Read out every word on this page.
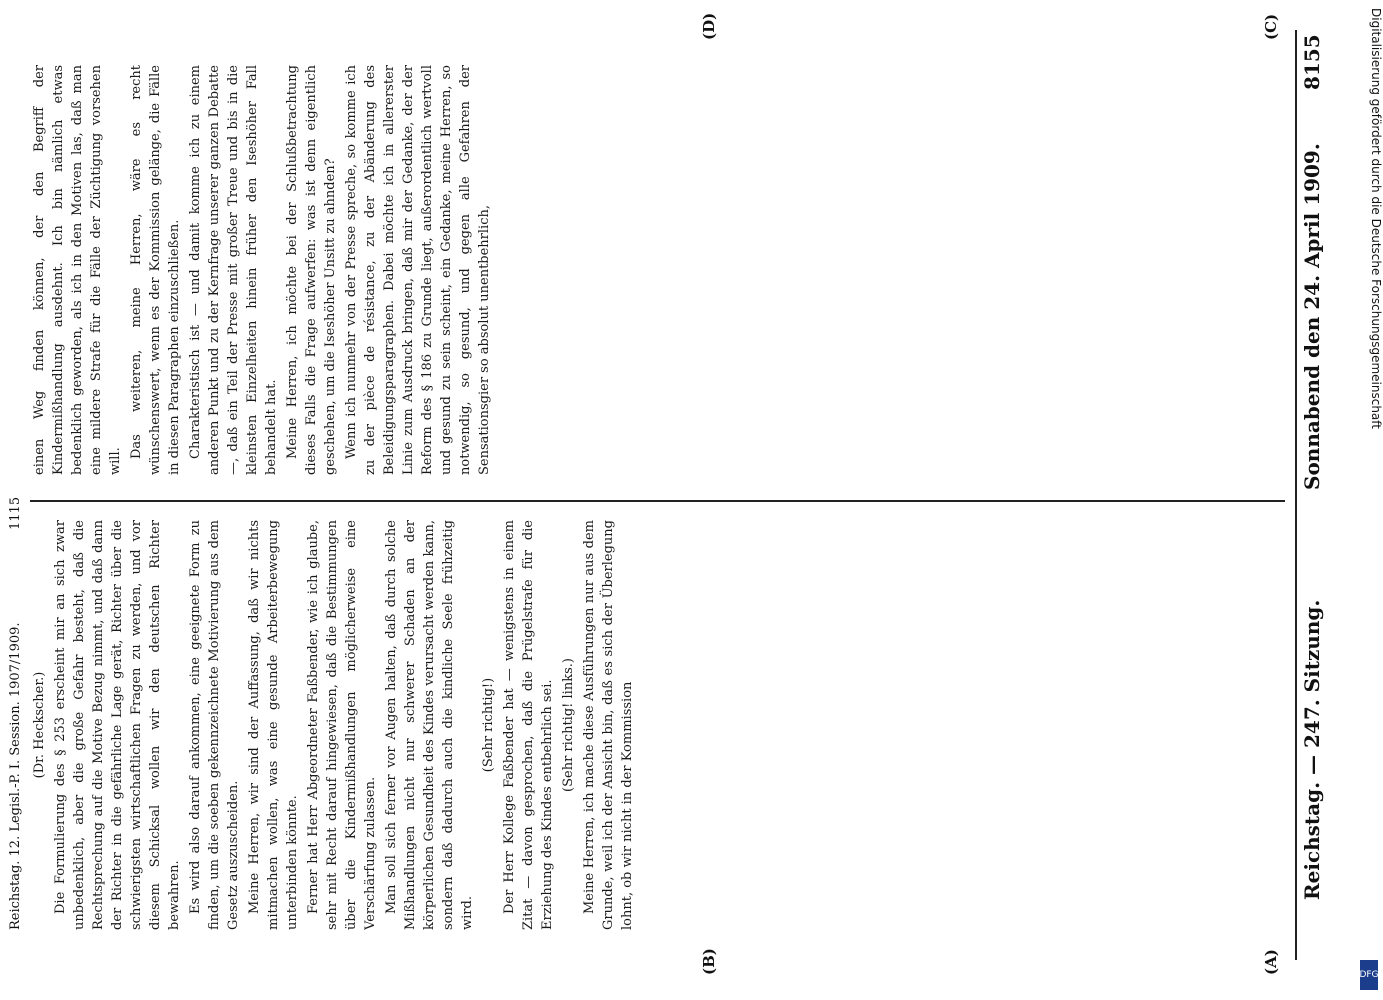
Reichstag. — 247. Sitzung.
Sonnabend den 24. April 1909.
8155
(A)
(B)
(C)
(D)

(Dr. Heckscher.) Die Formulierung des § 253 erscheint mir an sich zwar unbedenklich, aber die große Gefahr besteht, daß die Rechtsprechung auf die Motive Bezug nimmt, und daß dann der Richter in die gefährliche Lage gerät, Richter über die schwierigsten wirtschaftlichen Fragen zu werden, und vor diesem Schicksal wollen wir den deutschen Richter bewahren. Es wird also darauf ankommen, eine geeignete Form zu finden, um die soeben gekennzeichnete Motivierung aus dem Gesetz auszuscheiden. Meine Herren, wir sind der Auffassung, daß wir nichts mitmachen wollen, was eine gesunde Arbeiterbewegung unterbinden könnte. Ferner hat Herr Abgeordneter Faßbender, wie ich glaube, sehr mit Recht darauf hingewiesen, daß die Bestimmungen über die Kindermißhandlungen möglicherweise eine Verschärfung zulassen. Man soll sich ferner vor Augen halten, daß durch solche Mißhandlungen nicht nur schwerer Schaden an der körperlichen Gesundheit des Kindes verursacht werden kann, sondern daß dadurch auch die kindliche Seele frühzeitig wird.

(Sehr richtig!) Der Herr Kollege Faßbender hat — wenigstens in einem Zitat — davon gesprochen, daß die Prügelstrafe für die Erziehung des Kindes entbehrlich sei. (Sehr richtig! links.) Meine Herren, ich mache diese Ausführungen nur aus dem Grunde, weil ich der Ansicht bin, daß es sich der Überlegung lohnt, ob wir nicht in der Kommission

einen Weg finden können, der den Begriff der Kindermißhandlung ausdehnt. Ich bin nämlich etwas bedenklich geworden, als ich in den Motiven las, daß man eine mildere Strafe für die Fälle der Züchtigung vorsehen will.

Das weiteren, meine Herren, wäre es recht wünschenswert, wenn es der Kommission gelänge, die Fälle in diesen Paragraphen einzuschließen. Charakteristisch ist — und damit komme ich zu einem anderen Punkt und zu der Kernfrage unserer ganzen Debatte —, daß ein Teil der Presse mit großer Treue und bis in die kleinsten Einzelheiten hinein früher den Iseshöher Fall behandelt hat. Meine Herren, ich möchte bei der Schlußbetrachtung dieses Falls die Frage aufwerfen: was ist denn eigentlich geschehen, um die Iseshöher Unsitt zu ahnden? Wenn ich nunmehr von der Presse spreche, so komme ich zu der pièce de résistance, zu der Abänderung des Beleidigungsparagraphen. Dabei möchte ich in allererster Linie zum Ausdruck bringen, daß mir der Gedanke, der der Reform des § 186 zu Grunde liegt, außerordentlich wertvoll und gesund zu sein scheint, ein Gedanke, meine Herren, so notwendig, so gesund, und gegen alle Gefahren der Sensationsgier so absolut unentbehrlich,

Reichstag. 12. Legisl.-P. I. Session. 1907/1909.
1115
Digitalisierung gefördert durch die Deutsche Forschungsgemeinschaft
DFG
